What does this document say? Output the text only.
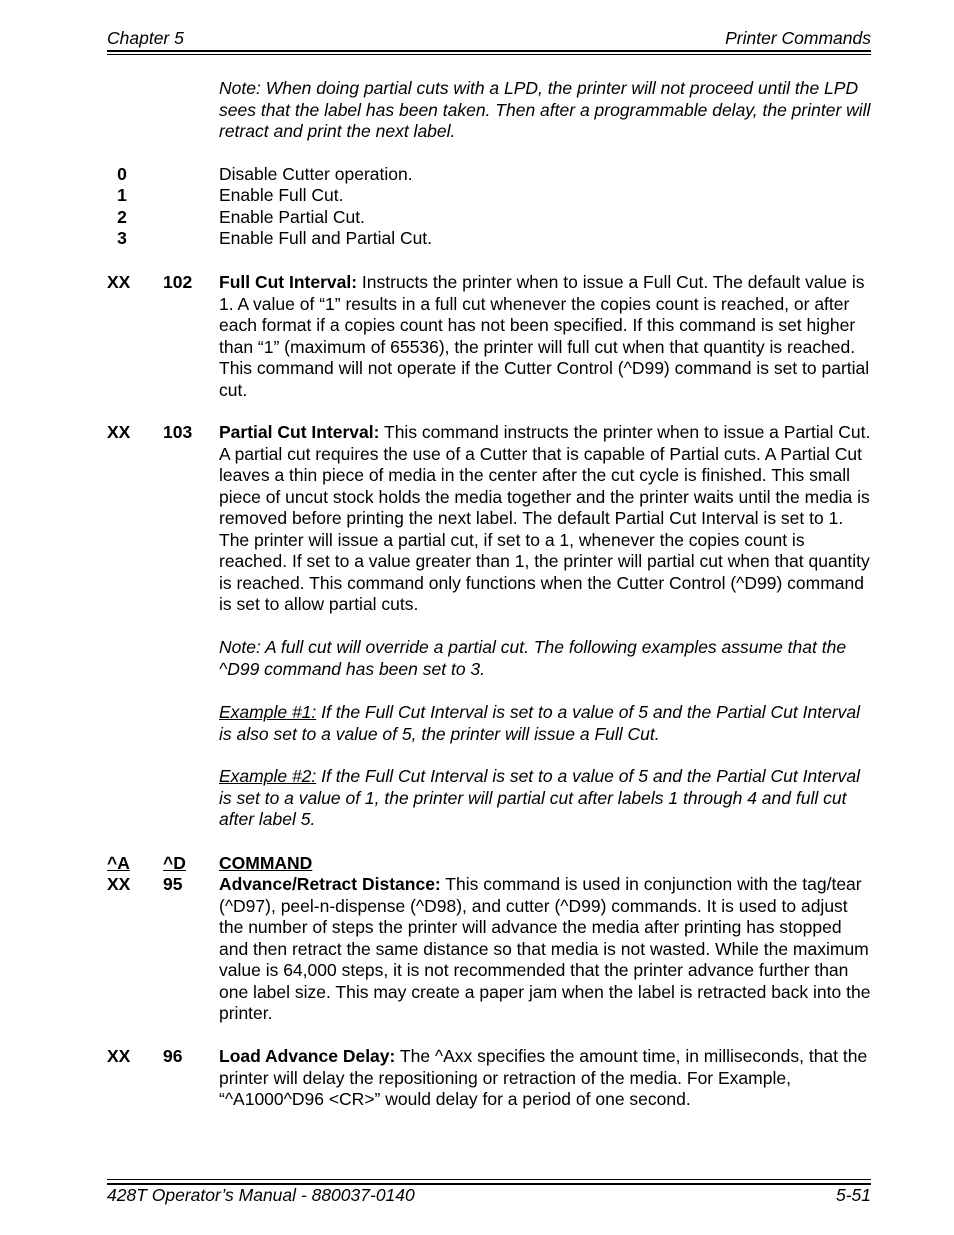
Chapter 5	Printer Commands
Note: When doing partial cuts with a LPD, the printer will not proceed until the LPD sees that the label has been taken. Then after a programmable delay, the printer will retract and print the next label.
0	Disable Cutter operation.
1	Enable Full Cut.
2	Enable Partial Cut.
3	Enable Full and Partial Cut.
XX 102 Full Cut Interval: Instructs the printer when to issue a Full Cut. The default value is 1. A value of “1” results in a full cut whenever the copies count is reached, or after each format if a copies count has not been specified. If this command is set higher than “1” (maximum of 65536), the printer will full cut when that quantity is reached. This command will not operate if the Cutter Control (^D99) command is set to partial cut.
XX 103 Partial Cut Interval: This command instructs the printer when to issue a Partial Cut. A partial cut requires the use of a Cutter that is capable of Partial cuts. A Partial Cut leaves a thin piece of media in the center after the cut cycle is finished. This small piece of uncut stock holds the media together and the printer waits until the media is removed before printing the next label. The default Partial Cut Interval is set to 1. The printer will issue a partial cut, if set to a 1, whenever the copies count is reached. If set to a value greater than 1, the printer will partial cut when that quantity is reached. This command only functions when the Cutter Control (^D99) command is set to allow partial cuts.
Note: A full cut will override a partial cut. The following examples assume that the ^D99 command has been set to 3.
Example #1: If the Full Cut Interval is set to a value of 5 and the Partial Cut Interval is also set to a value of 5, the printer will issue a Full Cut.
Example #2: If the Full Cut Interval is set to a value of 5 and the Partial Cut Interval is set to a value of 1, the printer will partial cut after labels 1 through 4 and full cut after label 5.
^A ^D COMMAND
XX 95 Advance/Retract Distance: This command is used in conjunction with the tag/tear (^D97), peel-n-dispense (^D98), and cutter (^D99) commands. It is used to adjust the number of steps the printer will advance the media after printing has stopped and then retract the same distance so that media is not wasted. While the maximum value is 64,000 steps, it is not recommended that the printer advance further than one label size. This may create a paper jam when the label is retracted back into the printer.
XX 96 Load Advance Delay: The ^Axx specifies the amount time, in milliseconds, that the printer will delay the repositioning or retraction of the media. For Example, “^A1000^D96 <CR>” would delay for a period of one second.
428T Operator’s Manual - 880037-0140	5-51
